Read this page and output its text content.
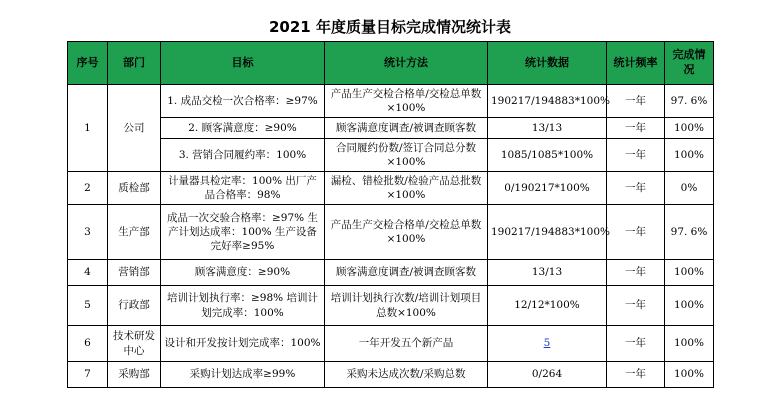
2021 年度质量目标完成情况统计表
序号	部门	目标	统计方法	统计数据	统计频率	完成情况
1	公司	1. 成品交检一次合格率：≥97%	产品生产交检合格单/交检总单数×100%	190217/194883*100%	一年	97. 6%
		2. 顾客满意度：≥90%	顾客满意度调查/被调查顾客数	13/13	一年	100%
		3. 营销合同履约率：100%	合同履约份数/签订合同总分数×100%	1085/1085*100%	一年	100%
2	质检部	计量器具检定率：100% 出厂产品合格率：98%	漏检、错检批数/检验产品总批数×100%	0/190217*100%	一年	0%
3	生产部	成品一次交验合格率：≥97% 生产计划达成率：100% 生产设备完好率≥95%	产品生产交检合格单/交检总单数×100%	190217/194883*100%	一年	97. 6%
4	营销部	顾客满意度：≥90%	顾客满意度调查/被调查顾客数	13/13	一年	100%
5	行政部	培训计划执行率：≥98% 培训计划完成率：100%	培训计划执行次数/培训计划项目总数×100%	12/12*100%	一年	100%
6	技术研发中心	设计和开发按计划完成率：100%	一年开发五个新产品	5	一年	100%
7	采购部	采购计划达成率≥99%	采购未达成次数/采购总数	0/264	一年	100%
